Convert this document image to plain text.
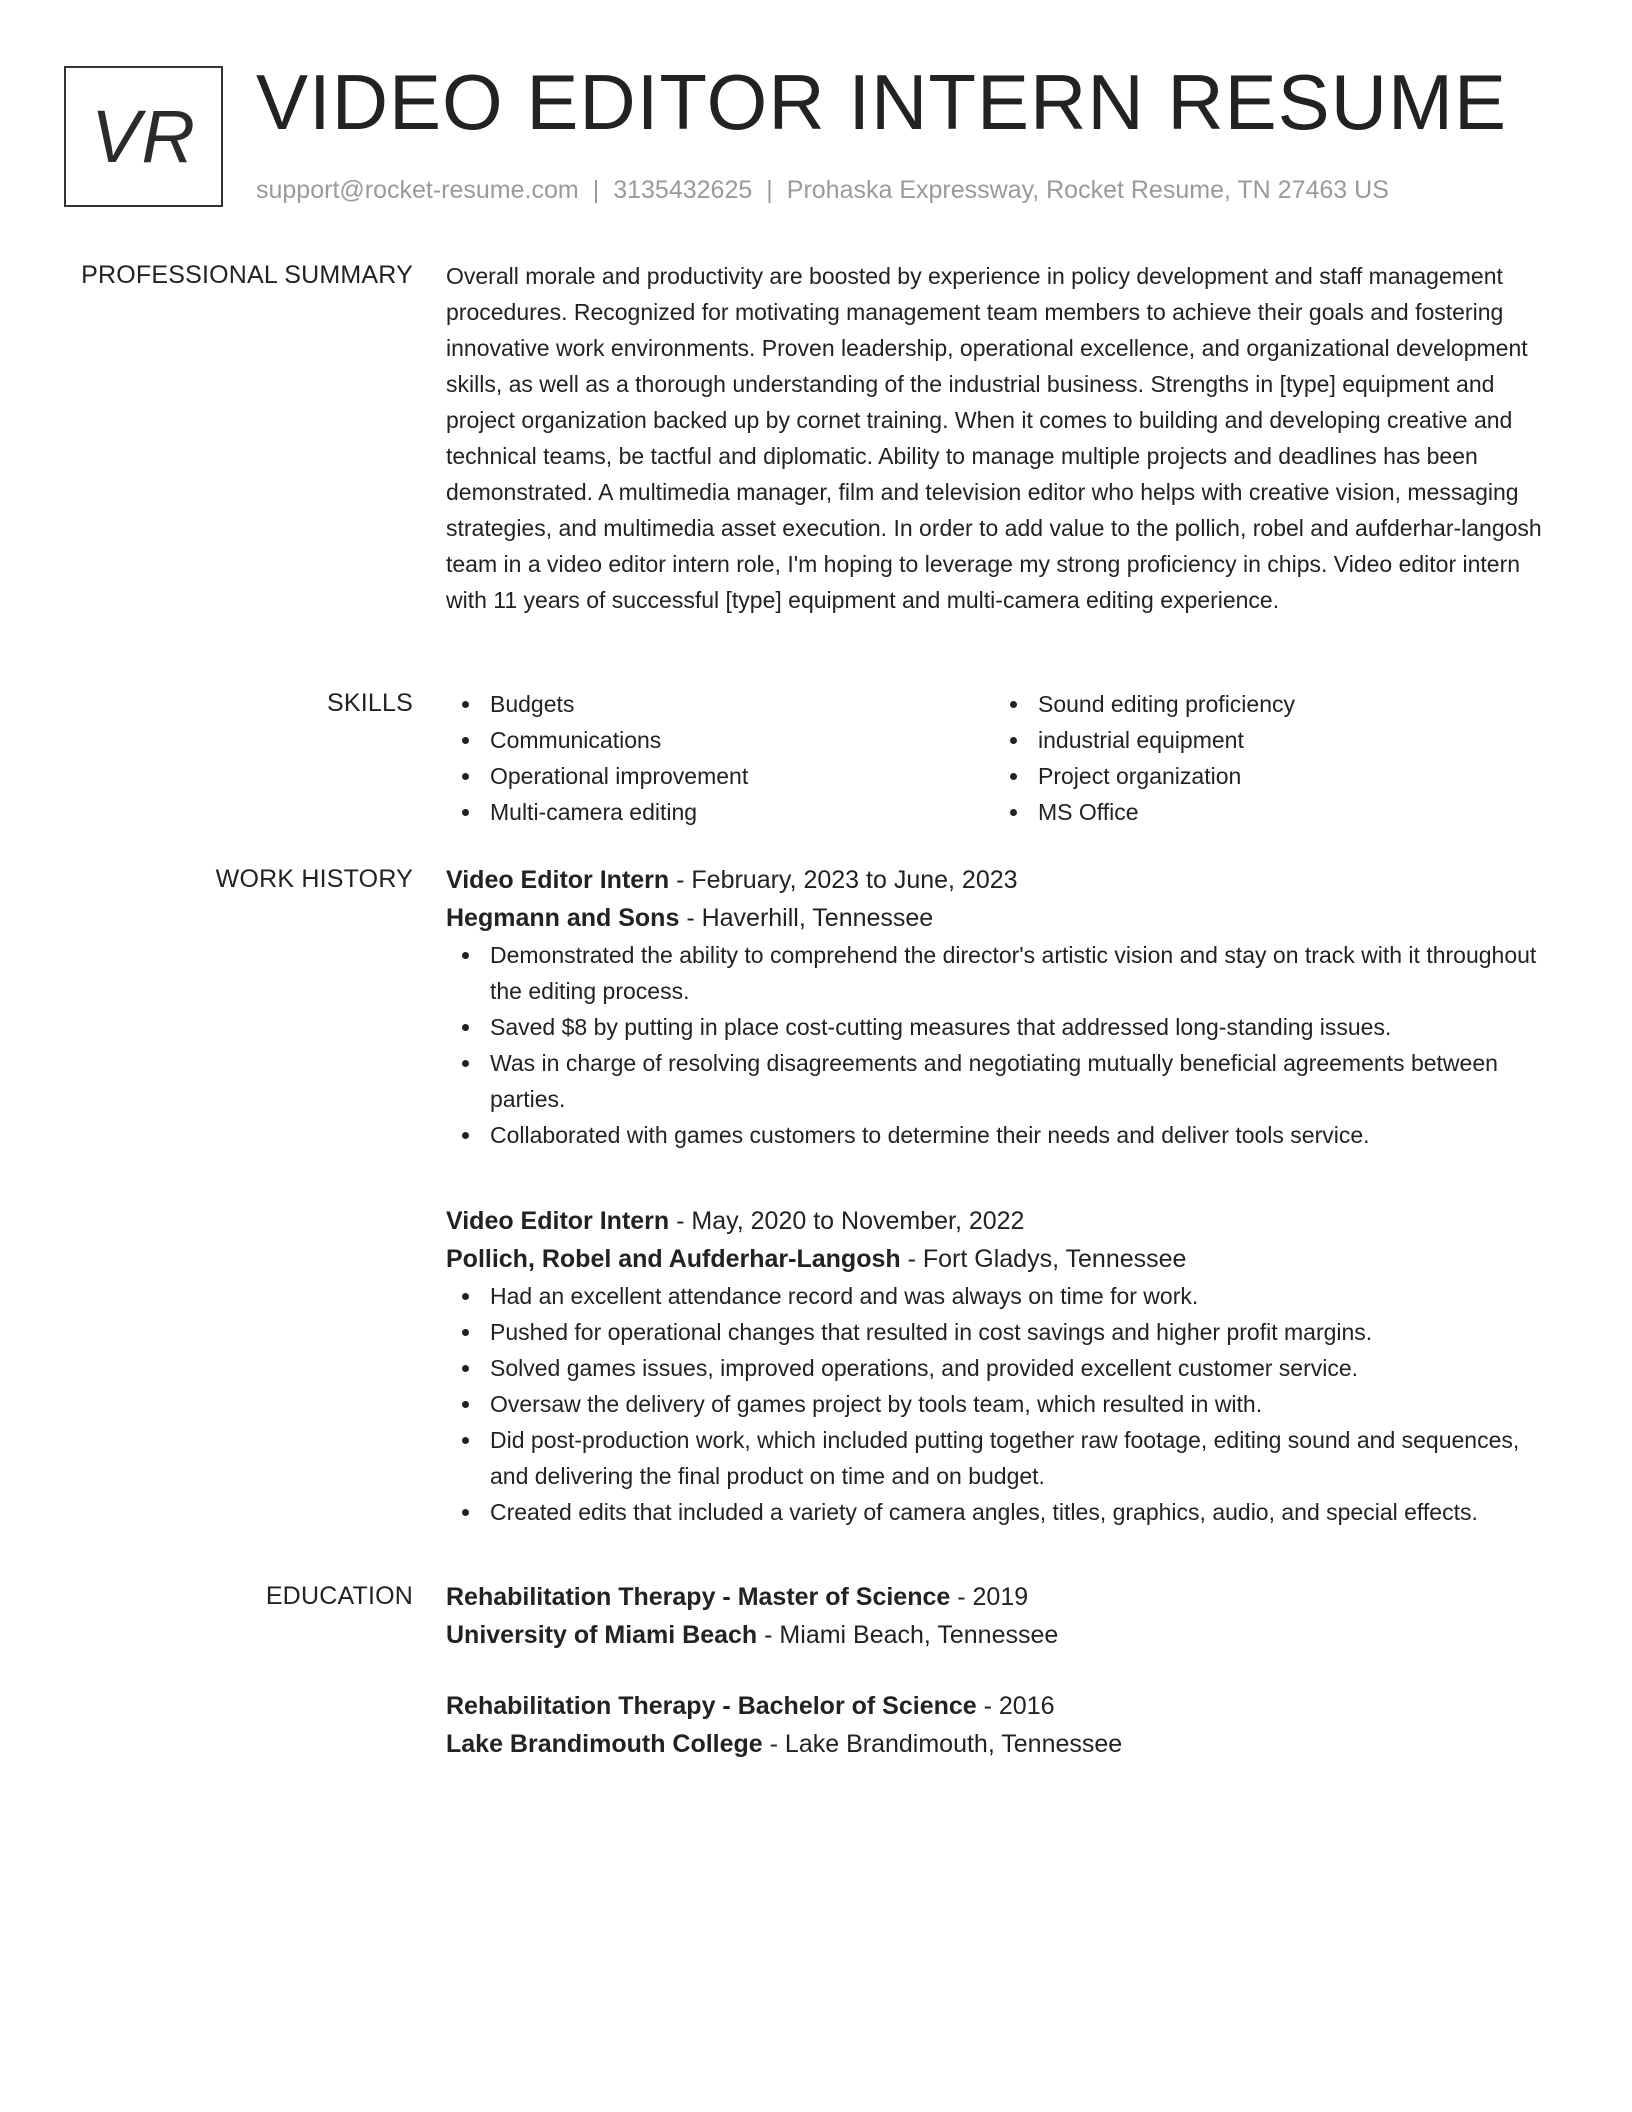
VR VIDEO EDITOR INTERN RESUME
support@rocket-resume.com | 3135432625 | Prohaska Expressway, Rocket Resume, TN 27463 US
PROFESSIONAL SUMMARY Overall morale and productivity are boosted by experience in policy development and staff management procedures. Recognized for motivating management team members to achieve their goals and fostering innovative work environments. Proven leadership, operational excellence, and organizational development skills, as well as a thorough understanding of the industrial business. Strengths in [type] equipment and project organization backed up by cornet training. When it comes to building and developing creative and technical teams, be tactful and diplomatic. Ability to manage multiple projects and deadlines has been demonstrated. A multimedia manager, film and television editor who helps with creative vision, messaging strategies, and multimedia asset execution. In order to add value to the pollich, robel and aufderhar-langosh team in a video editor intern role, I'm hoping to leverage my strong proficiency in chips. Video editor intern with 11 years of successful [type] equipment and multi-camera editing experience.

SKILLS	Budgets
Communications
Operational improvement
Multi-camera editing
Sound editing proficiency
industrial equipment
Project organization
MS Office
WORK HISTORY Video Editor Intern - February, 2023 to June, 2023
Hegmann and Sons - Haverhill, Tennessee
Demonstrated the ability to comprehend the director's artistic vision and stay on track with it throughout the editing process.
Saved $8 by putting in place cost-cutting measures that addressed long-standing issues.
Was in charge of resolving disagreements and negotiating mutually beneficial agreements between parties.
Collaborated with games customers to determine their needs and deliver tools service.
Video Editor Intern - May, 2020 to November, 2022
Pollich, Robel and Aufderhar-Langosh - Fort Gladys, Tennessee
Had an excellent attendance record and was always on time for work.
Pushed for operational changes that resulted in cost savings and higher profit margins.
Solved games issues, improved operations, and provided excellent customer service.
Oversaw the delivery of games project by tools team, which resulted in with.
Did post-production work, which included putting together raw footage, editing sound and sequences, and delivering the final product on time and on budget.
Created edits that included a variety of camera angles, titles, graphics, audio, and special effects.
EDUCATION Rehabilitation Therapy - Master of Science - 2019
University of Miami Beach - Miami Beach, Tennessee
Rehabilitation Therapy - Bachelor of Science - 2016
Lake Brandimouth College - Lake Brandimouth, Tennessee
